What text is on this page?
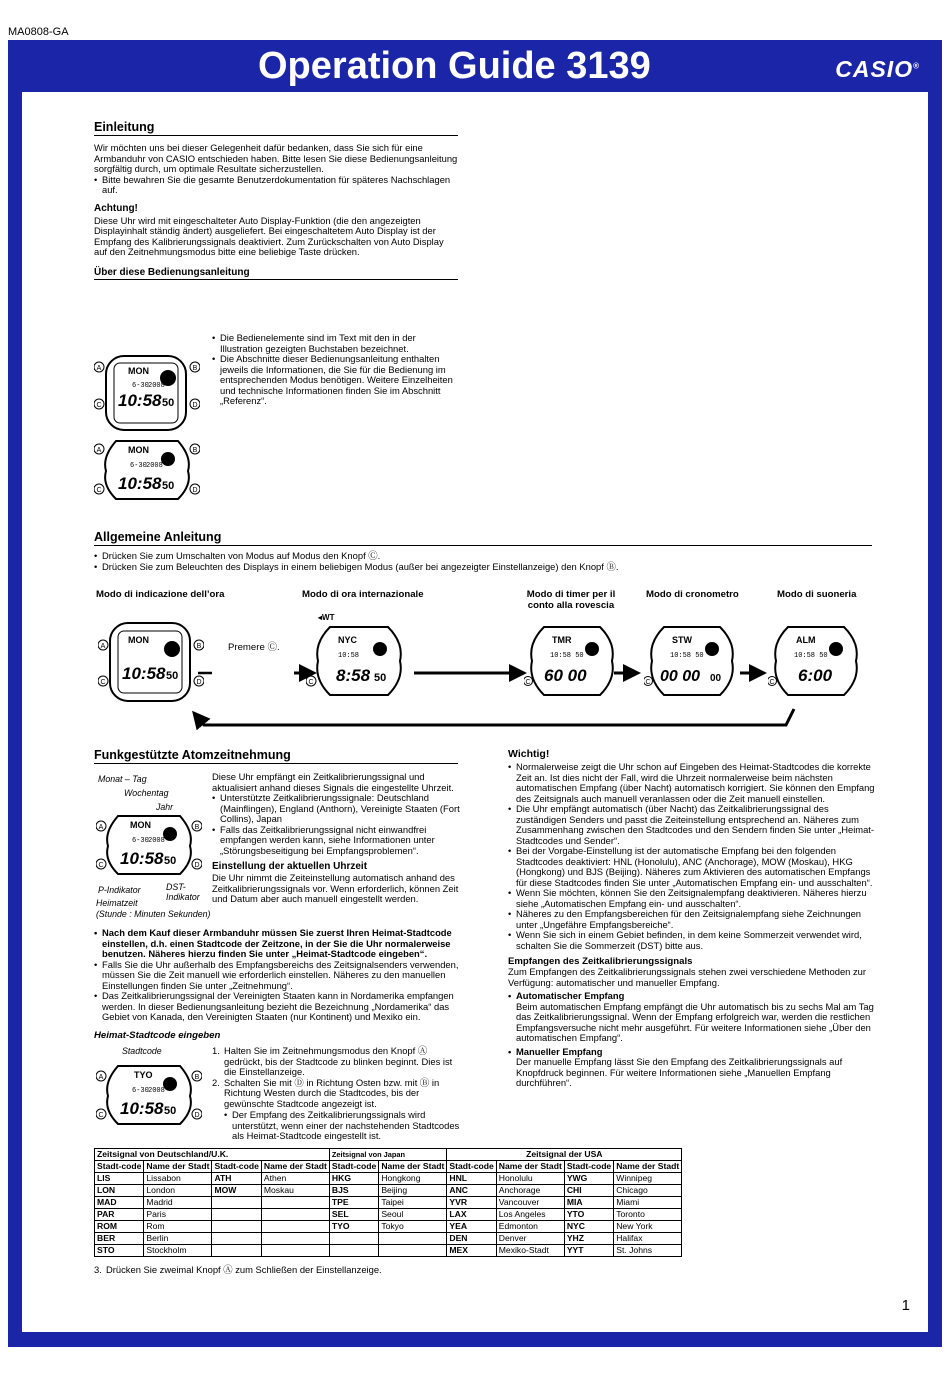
MA0808-GA
Operation Guide 3139	CASIO®
Einleitung
Wir möchten uns bei dieser Gelegenheit dafür bedanken, dass Sie sich für eine Armbanduhr von CASIO entschieden haben. Bitte lesen Sie diese Bedienungsanleitung sorgfältig durch, um optimale Resultate sicherzustellen.
• Bitte bewahren Sie die gesamte Benutzerdokumentation für späteres Nachschlagen auf.
Achtung!
Diese Uhr wird mit eingeschalteter Auto Display-Funktion (die den angezeigten Displayinhalt ständig ändert) ausgeliefert. Bei eingeschaltetem Auto Display ist der Empfang des Kalibrierungssignals deaktiviert. Zum Zurückschalten von Auto Display auf den Zeitnehmungsmodus bitte eine beliebige Taste drücken.
Über diese Bedienungsanleitung
• Die Bedienelemente sind im Text mit den in der Illustration gezeigten Buchstaben bezeichnet.
• Die Abschnitte dieser Bedienungsanleitung enthalten jeweils die Informationen, die Sie für die Bedienung im entsprechenden Modus benötigen. Weitere Einzelheiten und technische Informationen finden Sie im Abschnitt „Referenz“.
A	B
C	D
MON
6-30 2008
10:58 50
A	B
C	D
MON
6-30 2008
10:58 50
Allgemeine Anleitung
• Drücken Sie zum Umschalten von Modus auf Modus den Knopf Ⓒ.
• Drücken Sie zum Beleuchten des Displays in einem beliebigen Modus (außer bei angezeigter Einstellanzeige) den Knopf Ⓑ.
Modo di indicazione dell’ora	Modo di ora internazionale	Modo di timer per il conto alla rovescia
Modo di cronometro	Modo di suoneria
Premere Ⓒ.
◂WT
A	B
C	D
MON
10:58 50
C
NYC
10:58
8:58 50	C
TMR
10:58 50
60 00	C
STW
10:58 50
00 00 00	C
ALM
10:58 50
6:00
Funkgestützte Atomzeitnehmung
Monat – Tag
Wochentag
Jahr
A	B
C	D
MON
6-30 2008
10:58 50
P-Indikator	DST-Indikator
Heimatzeit
(Stunde : Minuten Sekunden)
Diese Uhr empfängt ein Zeitkalibrierungssignal und aktualisiert anhand dieses Signals die eingestellte Uhrzeit.
• Unterstützte Zeitkalibrierungssignale: Deutschland (Mainflingen), England (Anthorn), Vereinigte Staaten (Fort Collins), Japan
• Falls das Zeitkalibrierungssignal nicht einwandfrei empfangen werden kann, siehe Informationen unter „Störungsbeseitigung bei Empfangsproblemen“.
Einstellung der aktuellen Uhrzeit
Die Uhr nimmt die Zeiteinstellung automatisch anhand des Zeitkalibrierungssignals vor. Wenn erforderlich, können Zeit und Datum aber auch manuell eingestellt werden.
• Nach dem Kauf dieser Armbanduhr müssen Sie zuerst Ihren Heimat-Stadtcode einstellen, d.h. einen Stadtcode der Zeitzone, in der Sie die Uhr normalerweise benutzen. Näheres hierzu finden Sie unter „Heimat-Stadtcode eingeben“.
• Falls Sie die Uhr außerhalb des Empfangsbereichs des Zeitsignalsenders verwenden, müssen Sie die Zeit manuell wie erforderlich einstellen. Näheres zu den manuellen Einstellungen finden Sie unter „Zeitnehmung“.
• Das Zeitkalibrierungssignal der Vereinigten Staaten kann in Nordamerika empfangen werden. In dieser Bedienungsanleitung bezieht die Bezeichnung „Nordamerika“ das Gebiet von Kanada, den Vereinigten Staaten (nur Kontinent) und Mexiko ein.
Heimat-Stadtcode eingeben
Stadtcode
A	B
C	D
TYO
6-30 2008
10:58 50
1. Halten Sie im Zeitnehmungsmodus den Knopf Ⓐ gedrückt, bis der Stadtcode zu blinken beginnt. Dies ist die Einstellanzeige.
2. Schalten Sie mit Ⓓ in Richtung Osten bzw. mit Ⓑ in Richtung Westen durch die Stadtcodes, bis der gewünschte Stadtcode angezeigt ist.
• Der Empfang des Zeitkalibrierungssignals wird unterstützt, wenn einer der nachstehenden Stadtcodes als Heimat-Stadtcode eingestellt ist.
Zeitsignal von Deutschland/U.K.				Zeitsignal von Japan		Zeitsignal der USA			
Stadt-code	Name der Stadt	Stadt-code	Name der Stadt	Stadt-code	Name der Stadt	Stadt-code	Name der Stadt	Stadt-code	Name der Stadt
LIS	Lissabon	ATH	Athen	HKG	Hongkong	HNL	Honolulu	YWG	Winnipeg
LON	London	MOW	Moskau	BJS	Beijing	ANC	Anchorage	CHI	Chicago
MAD	Madrid			TPE	Taipei	YVR	Vancouver	MIA	Miami
PAR	Paris			SEL	Seoul	LAX	Los Angeles	YTO	Toronto
ROM	Rom			TYO	Tokyo	YEA	Edmonton	NYC	New York
BER	Berlin					DEN	Denver	YHZ	Halifax
STO	Stockholm					MEX	Mexiko-Stadt	YYT	St. Johns
3. Drücken Sie zweimal Knopf Ⓐ zum Schließen der Einstellanzeige.
Wichtig!
• Normalerweise zeigt die Uhr schon auf Eingeben des Heimat-Stadtcodes die korrekte Zeit an. Ist dies nicht der Fall, wird die Uhrzeit normalerweise beim nächsten automatischen Empfang (über Nacht) automatisch korrigiert. Sie können den Empfang des Zeitsignals auch manuell veranlassen oder die Zeit manuell einstellen.
• Die Uhr empfängt automatisch (über Nacht) das Zeitkalibrierungssignal des zuständigen Senders und passt die Zeiteinstellung entsprechend an. Näheres zum Zusammenhang zwischen den Stadtcodes und den Sendern finden Sie unter „Heimat-Stadtcodes und Sender“.
• Bei der Vorgabe-Einstellung ist der automatische Empfang bei den folgenden Stadtcodes deaktiviert: HNL (Honolulu), ANC (Anchorage), MOW (Moskau), HKG (Hongkong) und BJS (Beijing). Näheres zum Aktivieren des automatischen Empfangs für diese Stadtcodes finden Sie unter „Automatischen Empfang ein- und ausschalten“.
• Wenn Sie möchten, können Sie den Zeitsignalempfang deaktivieren. Näheres hierzu siehe „Automatischen Empfang ein- und ausschalten“.
• Näheres zu den Empfangsbereichen für den Zeitsignalempfang siehe Zeichnungen unter „Ungefähre Empfangsbereiche“.
• Wenn Sie sich in einem Gebiet befinden, in dem keine Sommerzeit verwendet wird, schalten Sie die Sommerzeit (DST) bitte aus.
Empfangen des Zeitkalibrierungssignals
Zum Empfangen des Zeitkalibrierungssignals stehen zwei verschiedene Methoden zur Verfügung: automatischer und manueller Empfang.
• Automatischer Empfang
Beim automatischen Empfang empfängt die Uhr automatisch bis zu sechs Mal am Tag das Zeitkalibrierungssignal. Wenn der Empfang erfolgreich war, werden die restlichen Empfangsversuche nicht mehr ausgeführt. Für weitere Informationen siehe „Über den automatischen Empfang“.
• Manueller Empfang
Der manuelle Empfang lässt Sie den Empfang des Zeitkalibrierungssignals auf Knopfdruck beginnen. Für weitere Informationen siehe „Manuellen Empfang durchführen“.
1
